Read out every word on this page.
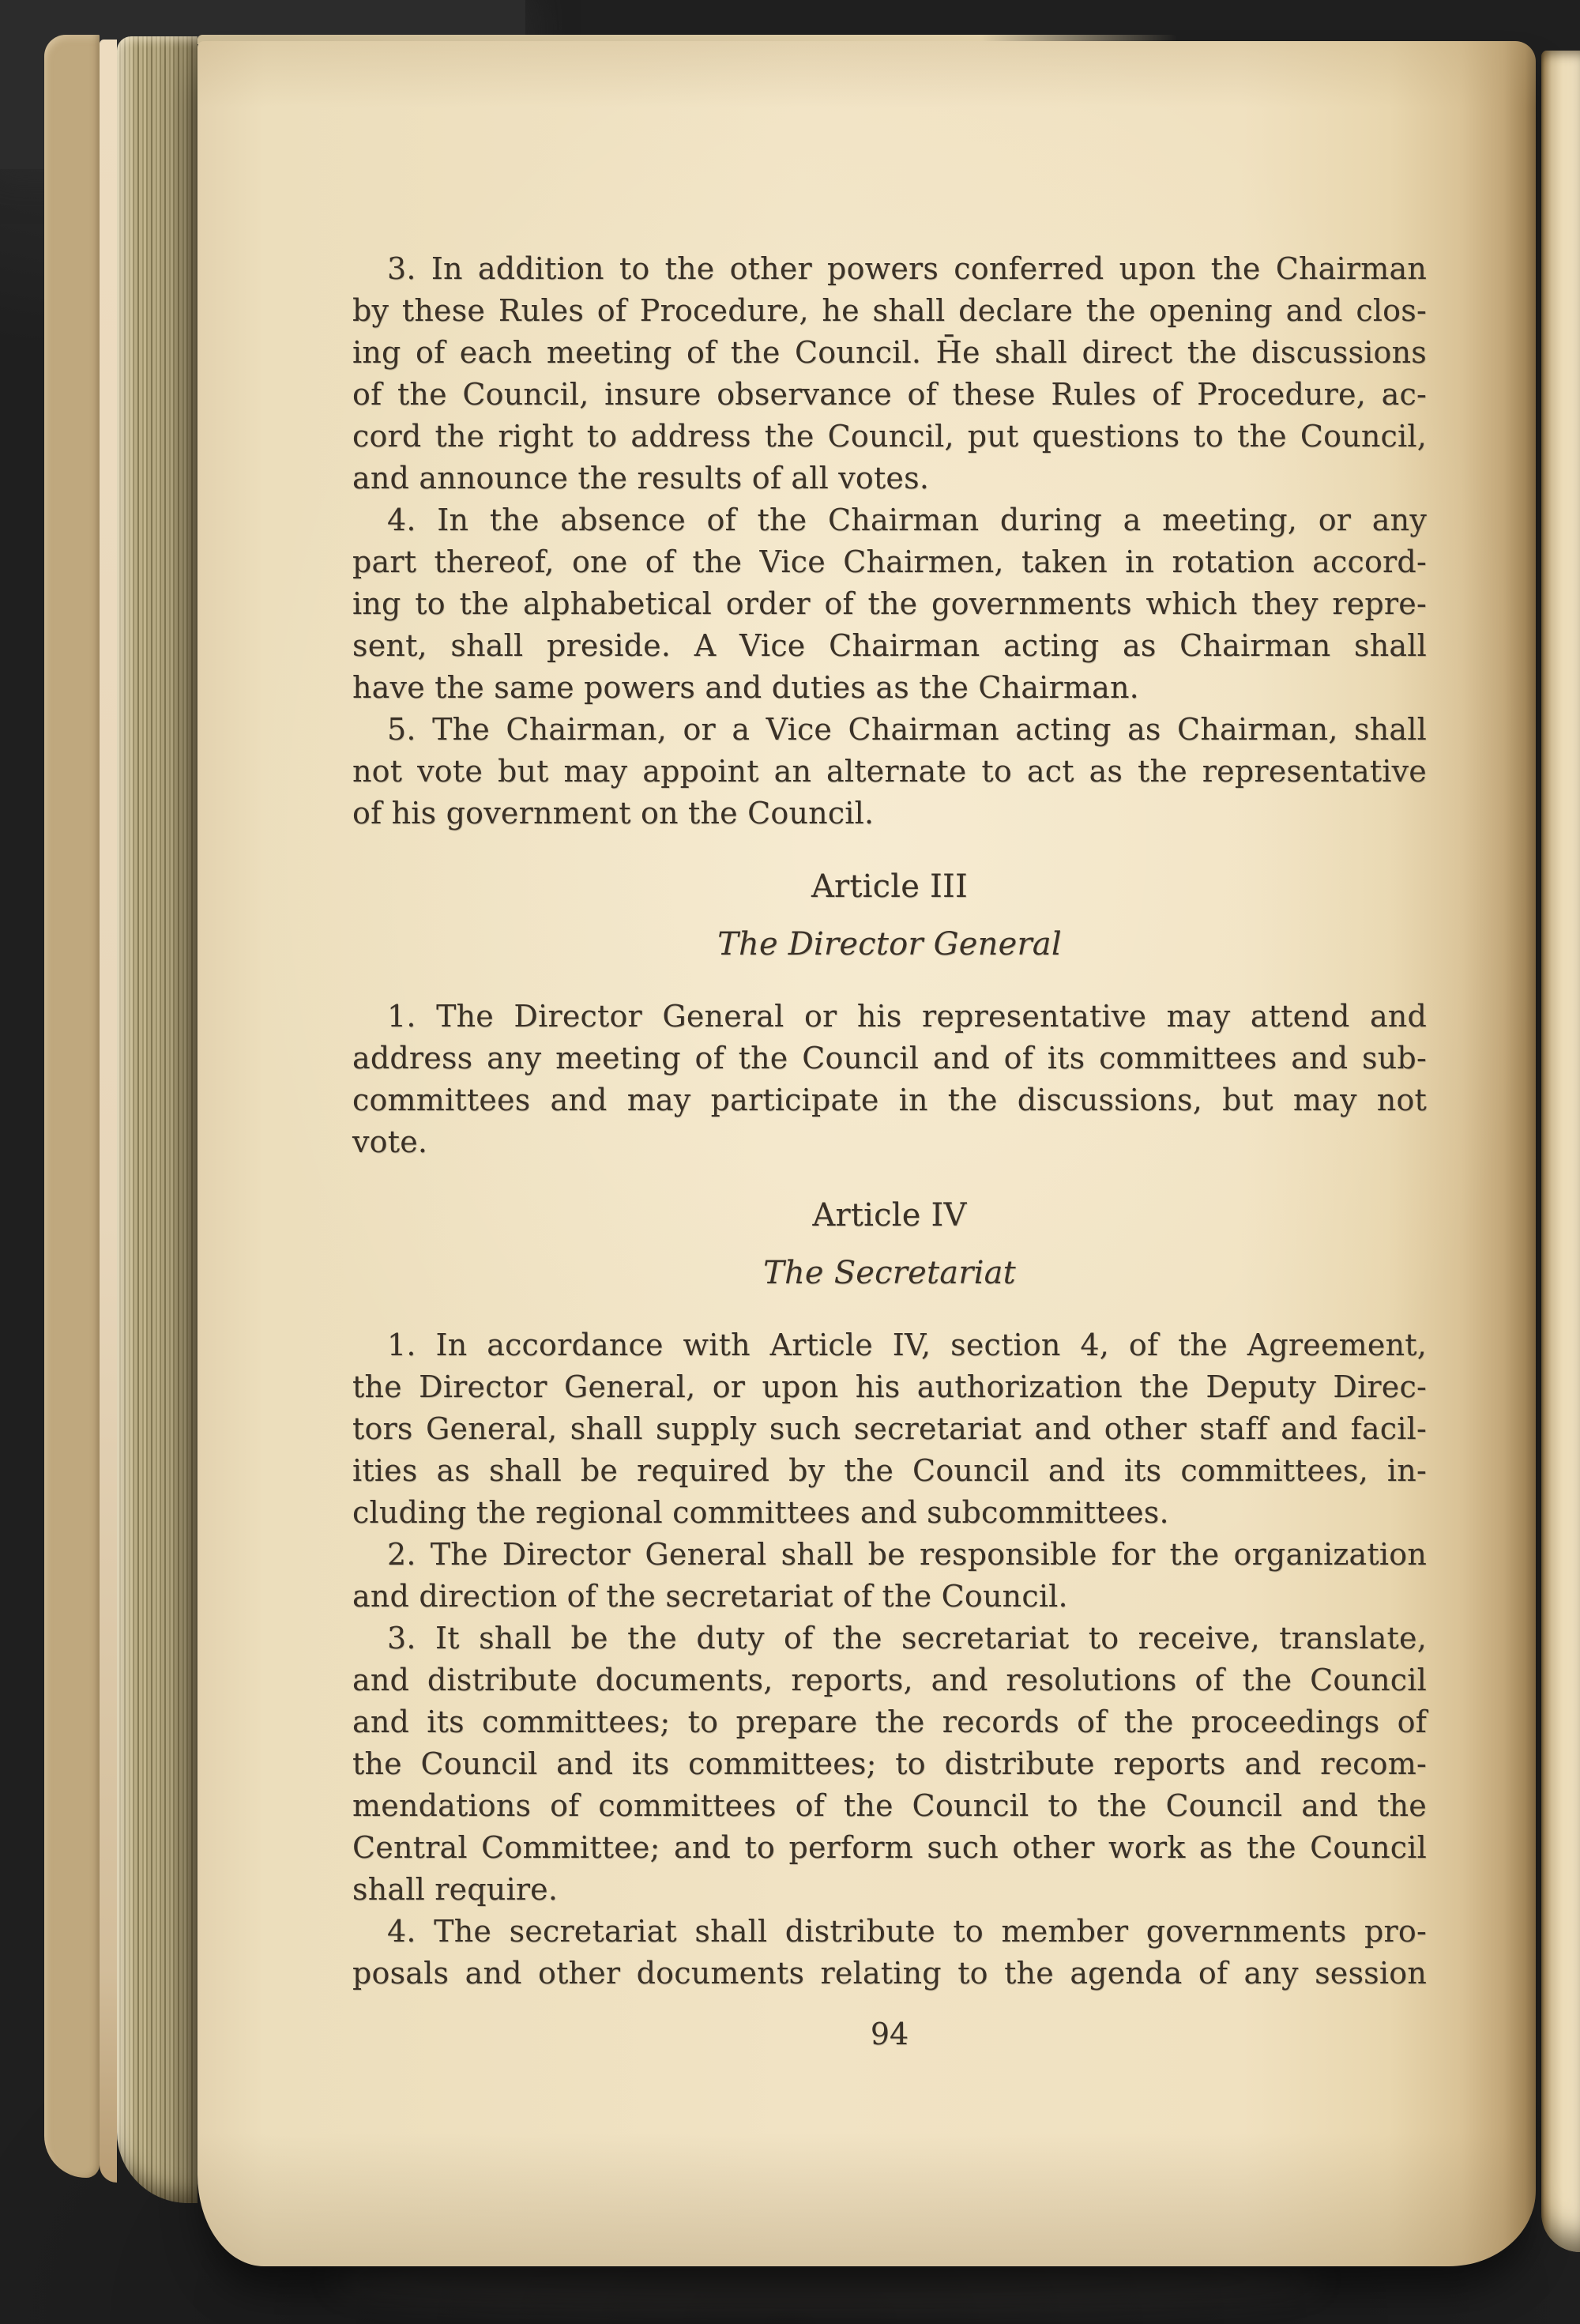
3. In addition to the other powers conferred upon the Chairman
by these Rules of Procedure, he shall declare the opening and clos-
ing of each meeting of the Council. H̄e shall direct the discussions
of the Council, insure observance of these Rules of Procedure, ac-
cord the right to address the Council, put questions to the Council,
and announce the results of all votes.
4. In the absence of the Chairman during a meeting, or any
part thereof, one of the Vice Chairmen, taken in rotation accord-
ing to the alphabetical order of the governments which they repre-
sent, shall preside. A Vice Chairman acting as Chairman shall
have the same powers and duties as the Chairman.
5. The Chairman, or a Vice Chairman acting as Chairman, shall
not vote but may appoint an alternate to act as the representative
of his government on the Council.
Article III
The Director General
1. The Director General or his representative may attend and
address any meeting of the Council and of its committees and sub-
committees and may participate in the discussions, but may not
vote.
Article IV
The Secretariat
1. In accordance with Article IV, section 4, of the Agreement,
the Director General, or upon his authorization the Deputy Direc-
tors General, shall supply such secretariat and other staff and facil-
ities as shall be required by the Council and its committees, in-
cluding the regional committees and subcommittees.
2. The Director General shall be responsible for the organization
and direction of the secretariat of the Council.
3. It shall be the duty of the secretariat to receive, translate,
and distribute documents, reports, and resolutions of the Council
and its committees; to prepare the records of the proceedings of
the Council and its committees; to distribute reports and recom-
mendations of committees of the Council to the Council and the
Central Committee; and to perform such other work as the Council
shall require.
4. The secretariat shall distribute to member governments pro-
posals and other documents relating to the agenda of any session
94
